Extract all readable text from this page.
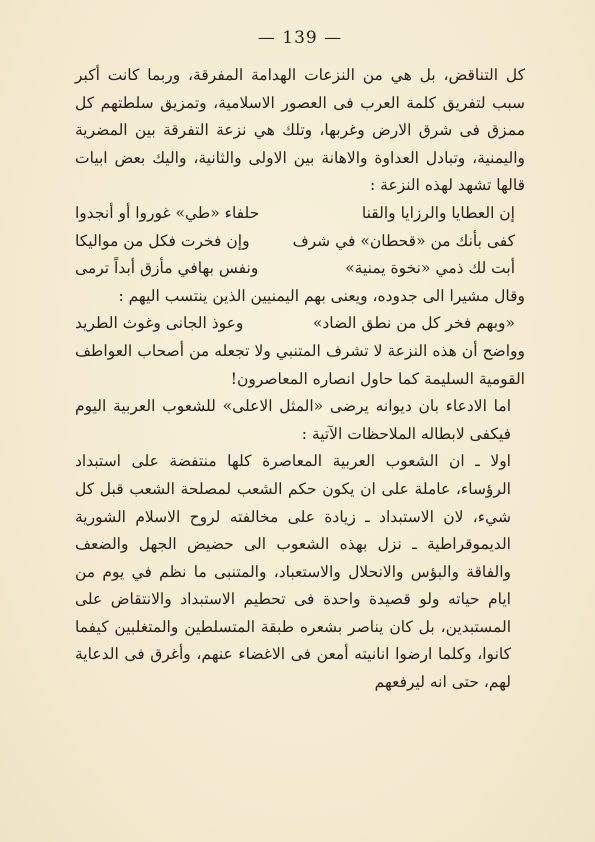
— 139 —

كل التناقض، بل هي من النزعات الهدامة المفرقة، وربما كانت أكبر سبب لتفريق كلمة العرب فى العصور الاسلامية، وتمزيق سلطتهم كل ممزق فى شرق الارض وغربها، وتلك هي نزعة التفرقة بين المضرية واليمنية، وتبادل العداوة والاهانة بين الاولى والثانية، واليك بعض ابيات قالها تشهد لهذه النزعة :

إن العطايا والرزايا والقنا
حلفاء «طي» غوروا أو أنجدوا
كفى بأنك من «قحطان» في شرف
وإن فخرت فكل من مواليكا
أبت لك ذمي «نخوة يمنية»
ونفس بهافي مأزق أبداً ترمى

وقال مشيرا الى جدوده، ويعنى بهم اليمنيين الذين ينتسب اليهم :

«وبهم فخر كل من نطق الضاد»
وعوذ الجانى وغوث الطريد

وواضح أن هذه النزعة لا تشرف المتنبي ولا تجعله من أصحاب العواطف القومية السليمة كما حاول انصاره المعاصرون!

اما الادعاء بان ديوانه يرضى «المثل الاعلى» للشعوب العربية اليوم فيكفى لابطاله الملاحظات الآتية :

اولا ـ ان الشعوب العربية المعاصرة كلها منتفضة على استبداد الرؤساء، عاملة على ان يكون حكم الشعب لمصلحة الشعب قبل كل شيء، لان الاستبداد ـ زيادة على مخالفته لروح الاسلام الشورية الديموقراطية ـ نزل بهذه الشعوب الى حضيض الجهل والضعف والفاقة والبؤس والانحلال والاستعباد، والمتنبى ما نظم في يوم من ايام حياته ولو قصيدة واحدة فى تحطيم الاستبداد والانتقاض على المستبدين، بل كان يناصر بشعره طبقة المتسلطين والمتغلبين كيفما كانوا، وكلما ارضوا انانيته أمعن فى الاغضاء عنهم، وأغرق فى الدعاية لهم، حتى انه ليرفعهم
